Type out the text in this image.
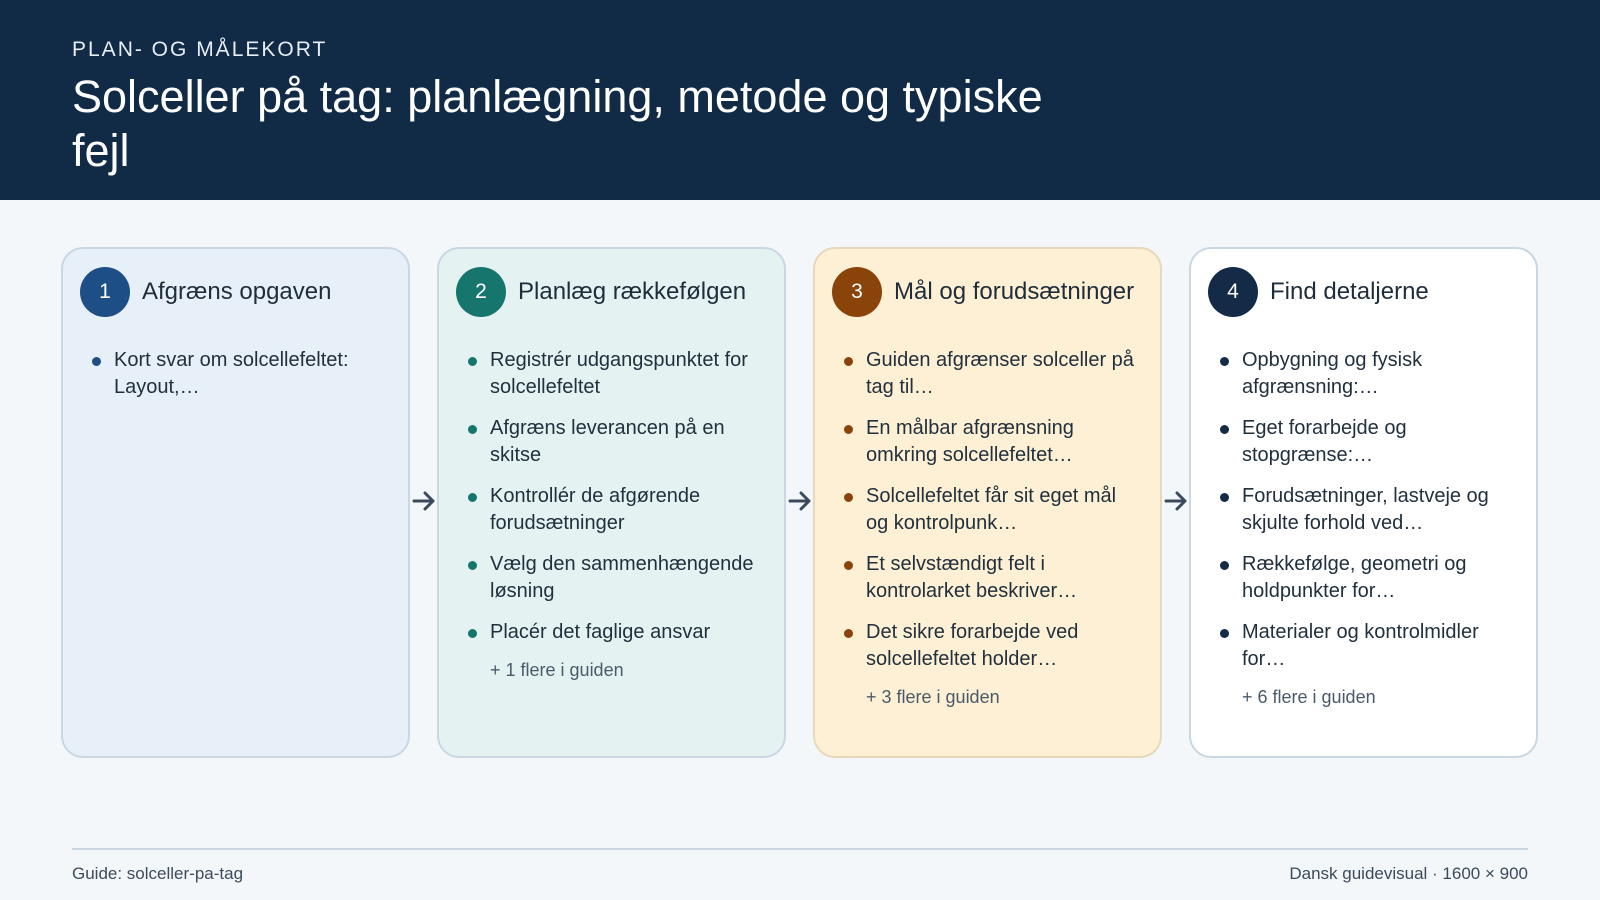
PLAN- OG MÅLEKORT
Solceller på tag: planlægning, metode og typiske fejl
1	Afgræns opgaven
Kort svar om solcellefeltet: Layout,…
2	Planlæg rækkefølgen
Registrér udgangspunktet for solcellefeltet
Afgræns leverancen på en skitse
Kontrollér de afgørende forudsætninger
Vælg den sammenhængende løsning
Placér det faglige ansvar
+ 1 flere i guiden
3	Mål og forudsætninger
Guiden afgrænser solceller på tag til…
En målbar afgrænsning omkring solcellefeltet…
Solcellefeltet får sit eget mål og kontrolpunk…
Et selvstændigt felt i kontrolarket beskriver…
Det sikre forarbejde ved solcellefeltet holder…
+ 3 flere i guiden
4	Find detaljerne
Opbygning og fysisk afgrænsning:…
Eget forarbejde og stopgrænse:…
Forudsætninger, lastveje og skjulte forhold ved…
Rækkefølge, geometri og holdpunkter for…
Materialer og kontrolmidler for…
+ 6 flere i guiden
Guide: solceller-pa-tag	Dansk guidevisual · 1600 × 900
